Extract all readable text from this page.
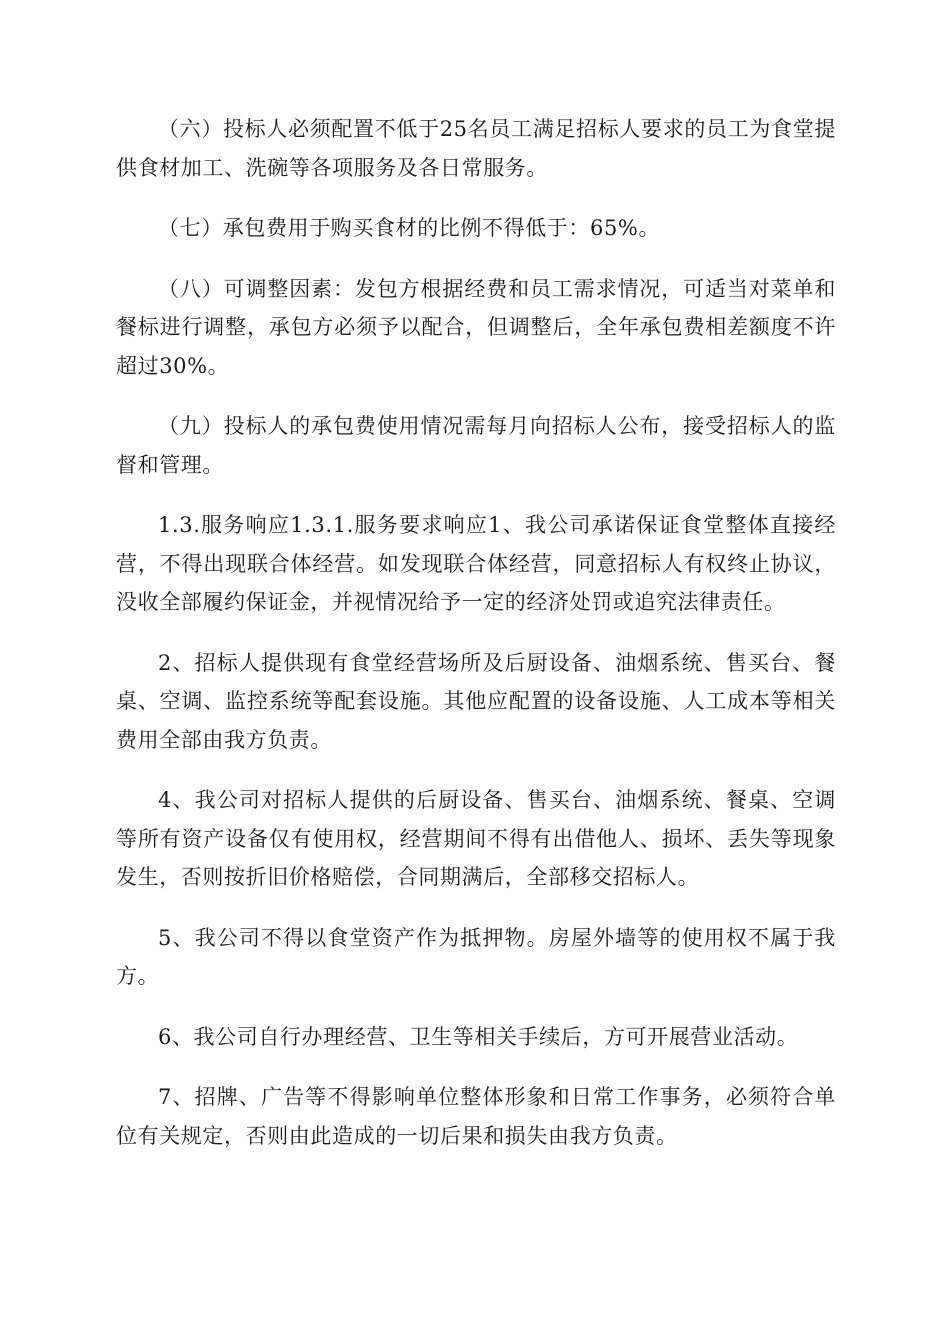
（六）投标人必须配置不低于25名员工满足招标人要求的员工为食堂提供食材加工、洗碗等各项服务及各日常服务。

（七）承包费用于购买食材的比例不得低于：65%。

（八）可调整因素：发包方根据经费和员工需求情况，可适当对菜单和餐标进行调整，承包方必须予以配合，但调整后，全年承包费相差额度不许超过30%。

（九）投标人的承包费使用情况需每月向招标人公布，接受招标人的监督和管理。

1.3.服务响应1.3.1.服务要求响应1、我公司承诺保证食堂整体直接经营，不得出现联合体经营。如发现联合体经营，同意招标人有权终止协议，没收全部履约保证金，并视情况给予一定的经济处罚或追究法律责任。

2、招标人提供现有食堂经营场所及后厨设备、油烟系统、售买台、餐桌、空调、监控系统等配套设施。其他应配置的设备设施、人工成本等相关费用全部由我方负责。

4、我公司对招标人提供的后厨设备、售买台、油烟系统、餐桌、空调等所有资产设备仅有使用权，经营期间不得有出借他人、损坏、丢失等现象发生，否则按折旧价格赔偿，合同期满后，全部移交招标人。

5、我公司不得以食堂资产作为抵押物。房屋外墙等的使用权不属于我方。

6、我公司自行办理经营、卫生等相关手续后，方可开展营业活动。

7、招牌、广告等不得影响单位整体形象和日常工作事务，必须符合单位有关规定，否则由此造成的一切后果和损失由我方负责。
